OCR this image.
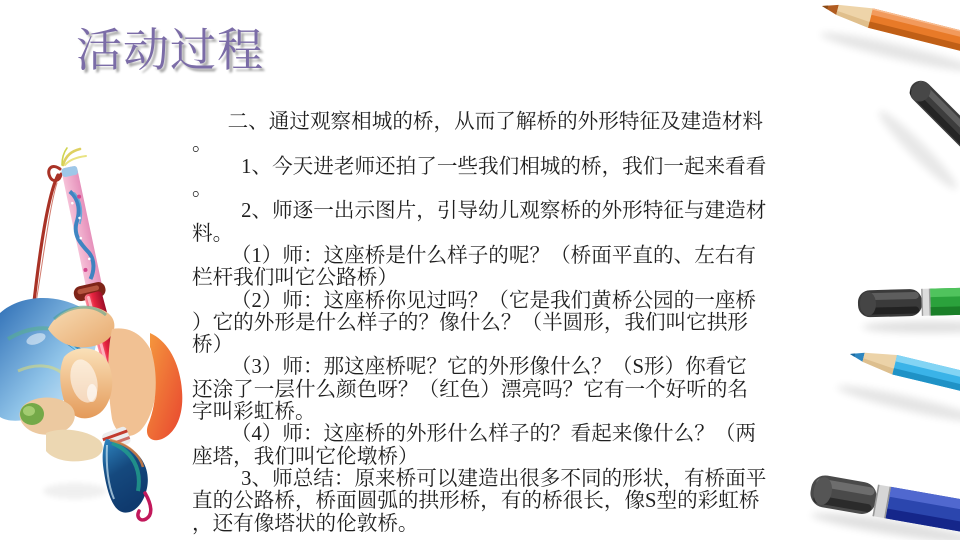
活动过程
　二、通过观察相城的桥，从而了解桥的外形特征及建造材料
。
　　1、今天进老师还拍了一些我们相城的桥，我们一起来看看
。
　　2、师逐一出示图片，引导幼儿观察桥的外形特征与建造材
料。
　　（1）师：这座桥是什么样子的呢？（桥面平直的、左右有
栏杆我们叫它公路桥）
　　（2）师：这座桥你见过吗？（它是我们黄桥公园的一座桥
）它的外形是什么样子的？像什么？（半圆形，我们叫它拱形
桥）
　　（3）师：那这座桥呢？它的外形像什么？（S形）你看它
还涂了一层什么颜色呀？（红色）漂亮吗？它有一个好听的名
字叫彩虹桥。
　　（4）师：这座桥的外形什么样子的？看起来像什么？（两
座塔，我们叫它伦墩桥）
　　3、师总结：原来桥可以建造出很多不同的形状，有桥面平
直的公路桥，桥面圆弧的拱形桥，有的桥很长，像S型的彩虹桥
，还有像塔状的伦敦桥。
